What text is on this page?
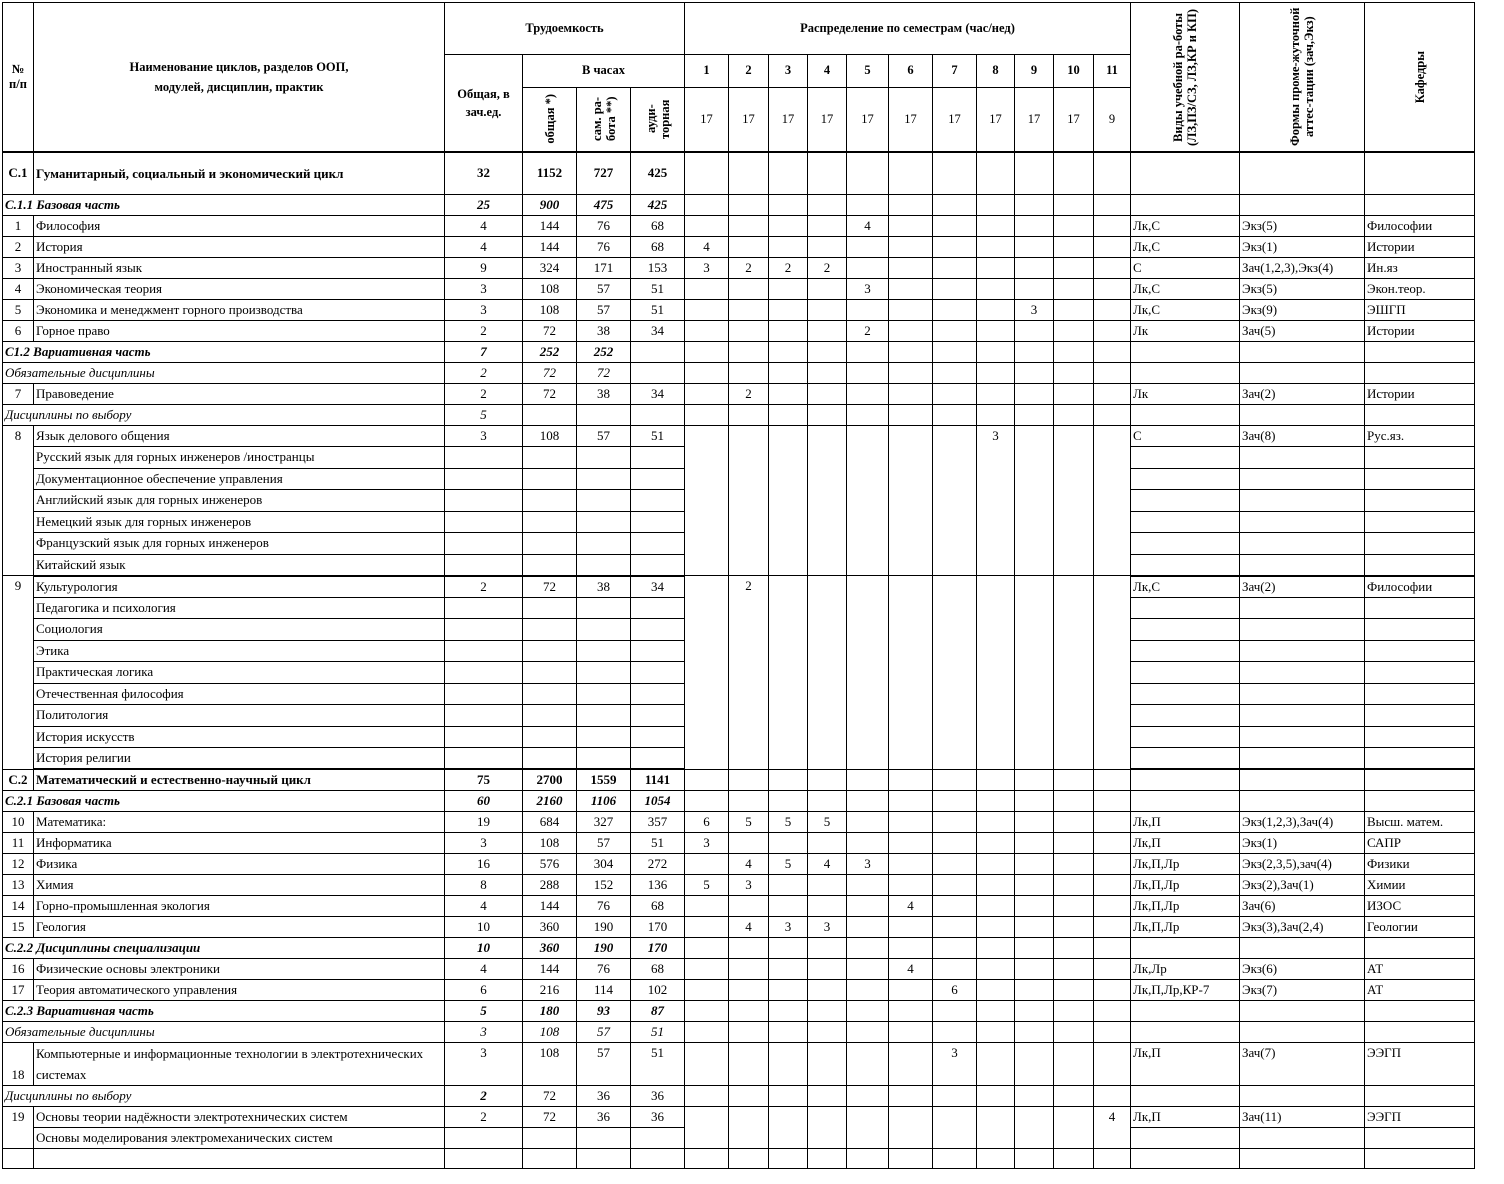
№ п/п	Наименование циклов, разделов ООП, модулей, дисциплин, практик	Трудоемкость				Распределение по семестрам (час/нед)											Виды учебной ра-боты (ЛЗ,ПЗ/СЗ, ЛЗ,КР и КП)	Формы проме-жуточной аттес-тации (зач,Экз)	Кафедры

		Общая, в зач.ед.	В часах			1	2	3	4	5	6	7	8	9	10	11			

			общая *)	сам. ра-бота **)	ауди-торная	17	17	17	17	17	17	17	17	17	17	9			
С.1	Гуманитарный, социальный и экономический цикл	32	1152	727	425														
С.1.1 Базовая часть		25	900	475	425														
1	Философия	4	144	76	68					4							Лк,С	Экз(5)	Философии
2	История	4	144	76	68	4											Лк,С	Экз(1)	Истории
3	Иностранный язык	9	324	171	153	3	2	2	2								С	Зач(1,2,3),Экз(4)	Ин.яз
4	Экономическая теория	3	108	57	51					3							Лк,С	Экз(5)	Экон.теор.
5	Экономика и менеджмент горного производства	3	108	57	51									3			Лк,С	Экз(9)	ЭШГП
6	Горное право	2	72	38	34					2							Лк	Зач(5)	Истории
С1.2 Вариативная часть		7	252	252															
Обязательные дисциплины		2	72	72															
7	Правоведение	2	72	38	34		2										Лк	Зач(2)	Истории
Дисциплины по выбору		5																	
8	Язык делового общения	3	108	57	51								3				С	Зач(8)	Рус.яз.
	Русский язык для горных инженеров /иностранцы																		
	Документационное обеспечение управления																		
	Английский язык для горных инженеров																		
	Немецкий язык для горных инженеров																		
	Французский язык для горных инженеров																		
	Китайский язык																		
9	Культурология	2	72	38	34		2										Лк,С	Зач(2)	Философии
	Педагогика и психология																		
	Социология																		
	Этика																		
	Практическая логика																		
	Отечественная философия																		
	Политология																		
	История искусств																		
	История религии																		
С.2	Математический и естественно-научный цикл	75	2700	1559	1141														
С.2.1 Базовая часть		60	2160	1106	1054														
10	Математика:	19	684	327	357	6	5	5	5								Лк,П	Экз(1,2,3),Зач(4)	Высш. матем.
11	Информатика	3	108	57	51	3											Лк,П	Экз(1)	САПР
12	Физика	16	576	304	272		4	5	4	3							Лк,П,Лр	Экз(2,3,5),зач(4)	Физики
13	Химия	8	288	152	136	5	3										Лк,П,Лр	Экз(2),Зач(1)	Химии
14	Горно-промышленная экология	4	144	76	68						4						Лк,П,Лр	Зач(6)	ИЗОС
15	Геология	10	360	190	170		4	3	3								Лк,П,Лр	Экз(3),Зач(2,4)	Геологии
С.2.2 Дисциплины специализации		10	360	190	170														
16	Физические основы электроники	4	144	76	68						4						Лк,Лр	Экз(6)	АТ
17	Теория автоматического управления	6	216	114	102							6					Лк,П,Лр,КР-7	Экз(7)	АТ
С.2.3 Вариативная часть		5	180	93	87														
Обязательные дисциплины		3	108	57	51														
18	Компьютерные и информационные технологии в электротехнических системах	3	108	57	51							3					Лк,П	Зач(7)	ЭЭГП
Дисциплины по выбору		2	72	36	36														
19	Основы теории надёжности электротехнических систем	2	72	36	36											4	Лк,П	Зач(11)	ЭЭГП
	Основы моделирования электромеханических систем																		
